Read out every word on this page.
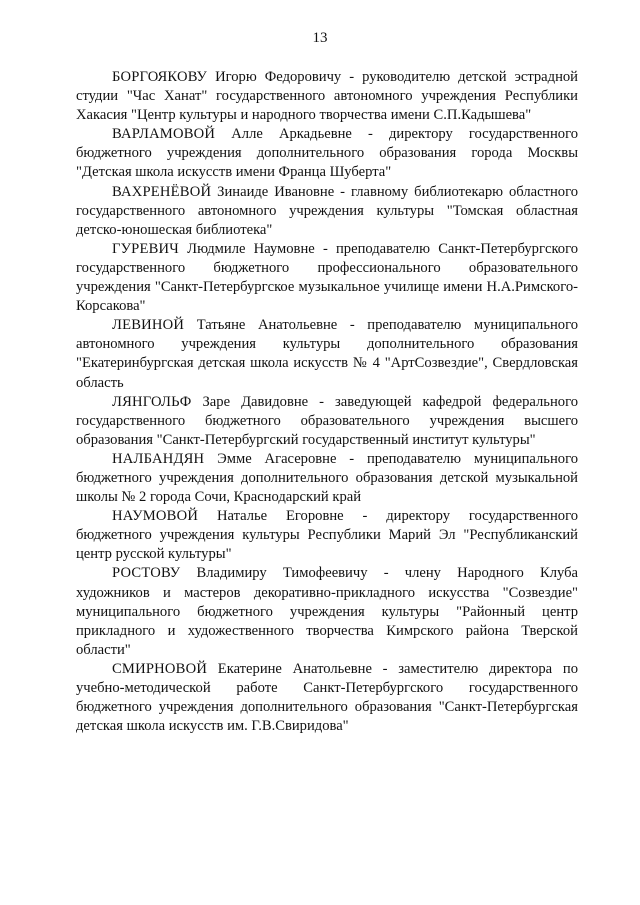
13

БОРГОЯКОВУ Игорю Федоровичу - руководителю детской эстрадной студии "Час Ханат" государственного автономного учреждения Республики Хакасия "Центр культуры и народного творчества имени С.П.Кадышева"

ВАРЛАМОВОЙ Алле Аркадьевне - директору государственного бюджетного учреждения дополнительного образования города Москвы "Детская школа искусств имени Франца Шуберта"

ВАХРЕНЁВОЙ Зинаиде Ивановне - главному библиотекарю областного государственного автономного учреждения культуры "Томская областная детско-юношеская библиотека"

ГУРЕВИЧ Людмиле Наумовне - преподавателю Санкт-Петербургского государственного бюджетного профессионального образовательного учреждения "Санкт-Петербургское музыкальное училище имени Н.А.Римского-Корсакова"

ЛЕВИНОЙ Татьяне Анатольевне - преподавателю муниципального автономного учреждения культуры дополнительного образования "Екатеринбургская детская школа искусств № 4 "АртСозвездие", Свердловская область

ЛЯНГОЛЬФ Заре Давидовне - заведующей кафедрой федерального государственного бюджетного образовательного учреждения высшего образования "Санкт-Петербургский государственный институт культуры"

НАЛБАНДЯН Эмме Агасеровне - преподавателю муниципального бюджетного учреждения дополнительного образования детской музыкальной школы № 2 города Сочи, Краснодарский край

НАУМОВОЙ Наталье Егоровне - директору государственного бюджетного учреждения культуры Республики Марий Эл "Республиканский центр русской культуры"

РОСТОВУ Владимиру Тимофеевичу - члену Народного Клуба художников и мастеров декоративно-прикладного искусства "Созвездие" муниципального бюджетного учреждения культуры "Районный центр прикладного и художественного творчества Кимрского района Тверской области"

СМИРНОВОЙ Екатерине Анатольевне - заместителю директора по учебно-методической работе Санкт-Петербургского государственного бюджетного учреждения дополнительного образования "Санкт-Петербургская детская школа искусств им. Г.В.Свиридова"
